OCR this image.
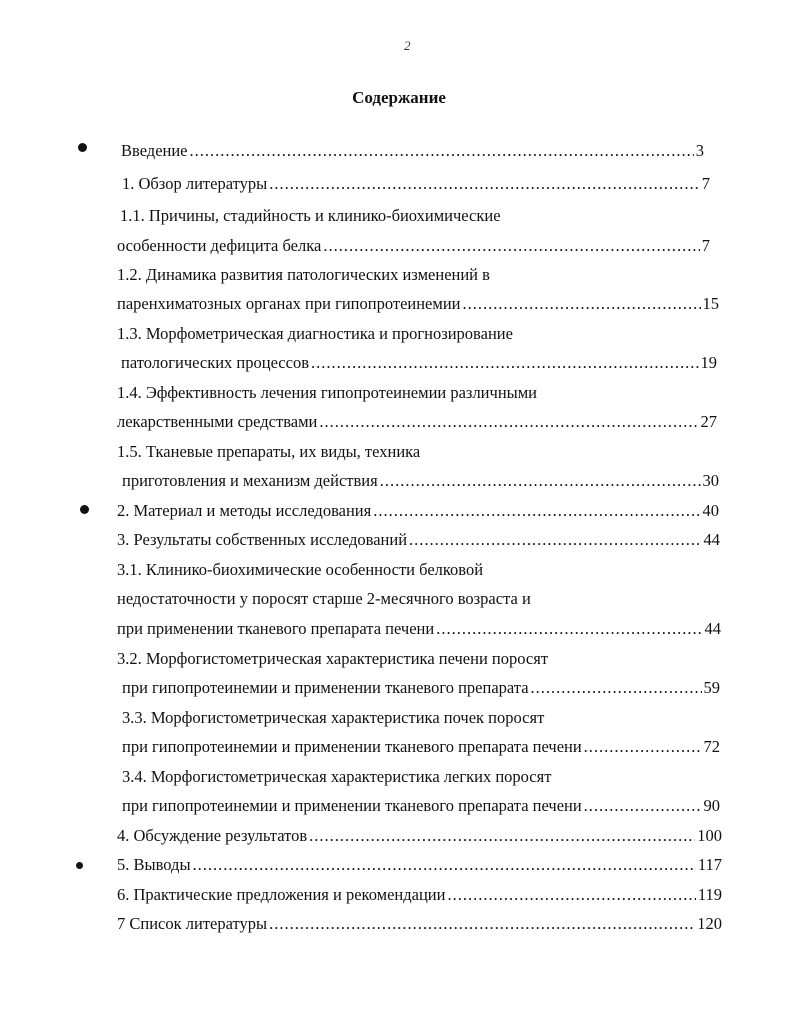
2
Содержание
Введение .....	3
1. Обзор литературы .....	7
1.1. Причины, стадийность и клинико-биохимические
особенности дефицита белка .....	7
1.2. Динамика развития патологических изменений в
паренхиматозных органах при гипопротеинемии .....	15
1.3. Морфометрическая диагностика и прогнозирование
патологических процессов .....	19
1.4. Эффективность лечения гипопротеинемии различными
лекарственными средствами .....	27
1.5. Тканевые препараты, их виды, техника
приготовления и механизм действия .....	30
2. Материал и методы исследования .....	40
3. Результаты собственных исследований .....	44
3.1. Клинико-биохимические особенности белковой
недостаточности у поросят старше 2-месячного возраста и
при применении тканевого препарата печени .....	44
3.2. Морфогистометрическая характеристика печени поросят
при гипопротеинемии и применении тканевого препарата .....	59
3.3. Морфогистометрическая характеристика почек поросят
при гипопротеинемии и применении тканевого препарата печени .....	72
3.4. Морфогистометрическая характеристика легких поросят
при гипопротеинемии и применении тканевого препарата печени .....	90
4. Обсуждение результатов .....	100
5. Выводы .....	117
6. Практические предложения и рекомендации .....	119
7 Список литературы .....	120
